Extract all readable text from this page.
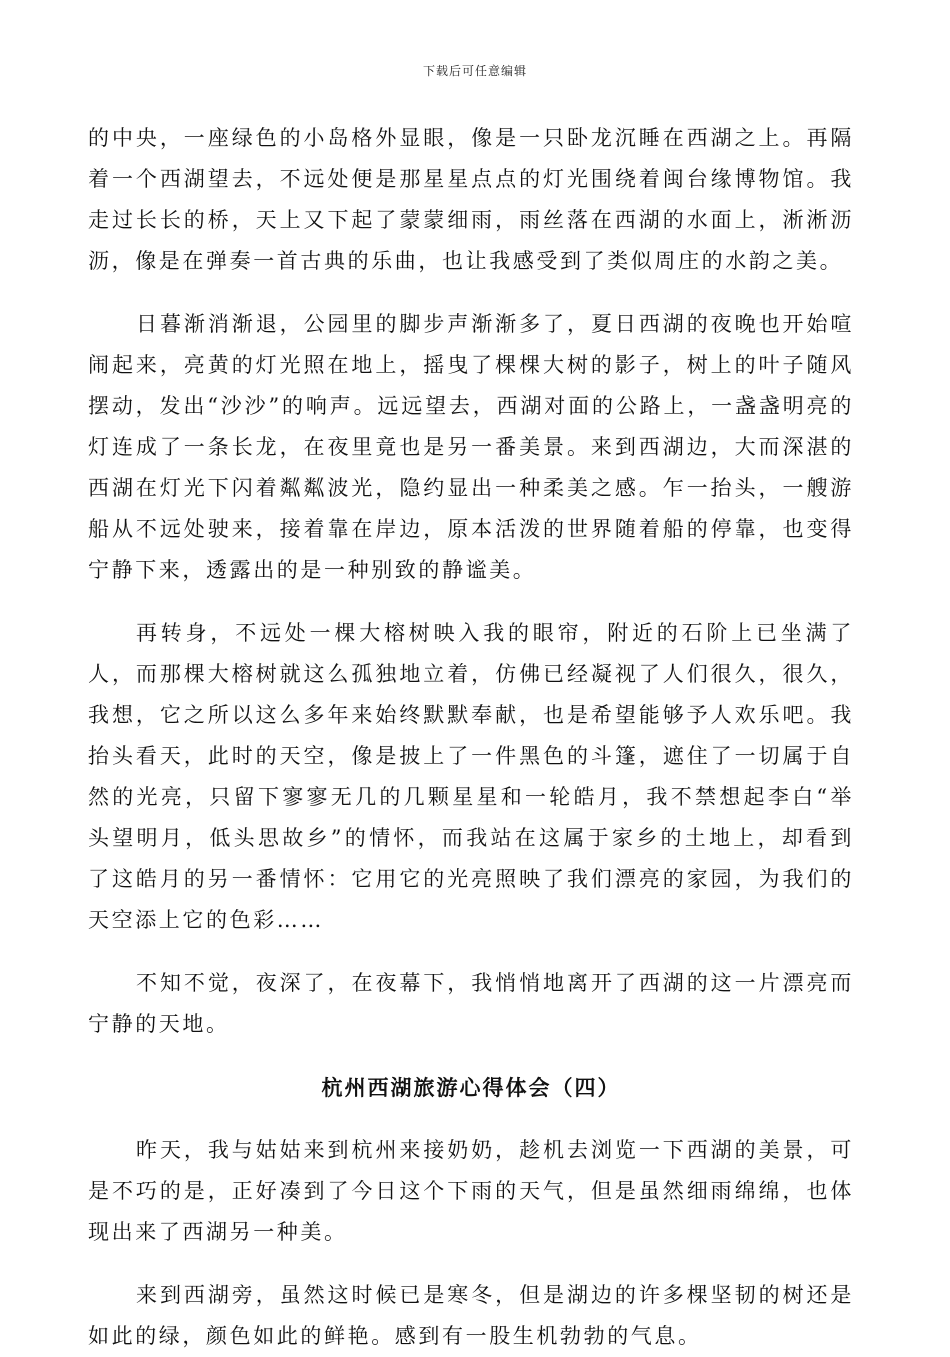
下载后可任意编辑

的中央，一座绿色的小岛格外显眼，像是一只卧龙沉睡在西湖之上。再隔着一个西湖望去，不远处便是那星星点点的灯光围绕着闽台缘博物馆。我走过长长的桥，天上又下起了蒙蒙细雨，雨丝落在西湖的水面上，淅淅沥沥，像是在弹奏一首古典的乐曲，也让我感受到了类似周庄的水韵之美。

日暮渐消渐退，公园里的脚步声渐渐多了，夏日西湖的夜晚也开始喧闹起来，亮黄的灯光照在地上，摇曳了棵棵大树的影子，树上的叶子随风摆动，发出“沙沙”的响声。远远望去，西湖对面的公路上，一盏盏明亮的灯连成了一条长龙，在夜里竟也是另一番美景。来到西湖边，大而深湛的西湖在灯光下闪着粼粼波光，隐约显出一种柔美之感。乍一抬头，一艘游船从不远处驶来，接着靠在岸边，原本活泼的世界随着船的停靠，也变得宁静下来，透露出的是一种别致的静谧美。

再转身，不远处一棵大榕树映入我的眼帘，附近的石阶上已坐满了人，而那棵大榕树就这么孤独地立着，仿佛已经凝视了人们很久，很久，我想，它之所以这么多年来始终默默奉献，也是希望能够予人欢乐吧。我抬头看天，此时的天空，像是披上了一件黑色的斗篷，遮住了一切属于自然的光亮，只留下寥寥无几的几颗星星和一轮皓月，我不禁想起李白“举头望明月，低头思故乡”的情怀，而我站在这属于家乡的土地上，却看到了这皓月的另一番情怀：它用它的光亮照映了我们漂亮的家园，为我们的天空添上它的色彩……

不知不觉，夜深了，在夜幕下，我悄悄地离开了西湖的这一片漂亮而宁静的天地。

杭州西湖旅游心得体会（四）

昨天，我与姑姑来到杭州来接奶奶，趁机去浏览一下西湖的美景，可是不巧的是，正好凑到了今日这个下雨的天气，但是虽然细雨绵绵，也体现出来了西湖另一种美。

来到西湖旁，虽然这时候已是寒冬，但是湖边的许多棵坚韧的树还是如此的绿，颜色如此的鲜艳。感到有一股生机勃勃的气息。
